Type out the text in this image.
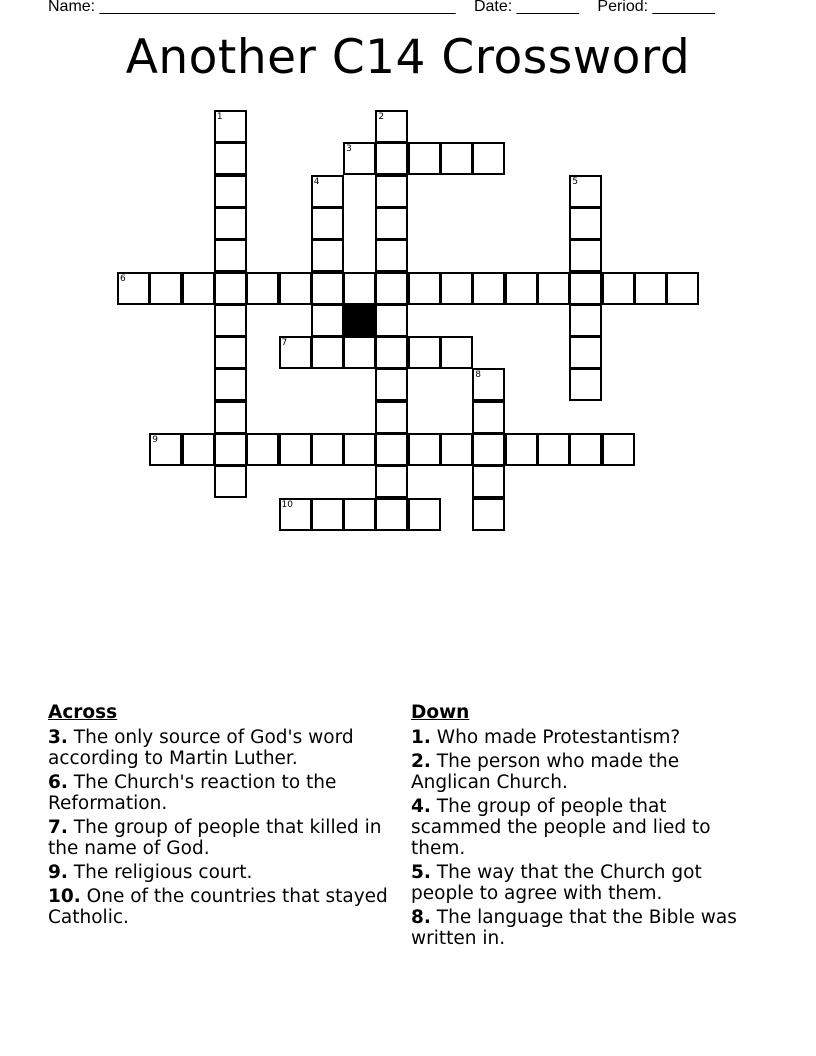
Name: ________________________________________ Date: _______ Period: _______
Another C14 Crossword
1	2
3
4	5
6
7
8
9
10
Across
3. The only source of God's word according to Martin Luther.
6. The Church's reaction to the Reformation.
7. The group of people that killed in the name of God.
9. The religious court.
10. One of the countries that stayed Catholic.
Down
1. Who made Protestantism?
2. The person who made the Anglican Church.
4. The group of people that scammed the people and lied to them.
5. The way that the Church got people to agree with them.
8. The language that the Bible was written in.
